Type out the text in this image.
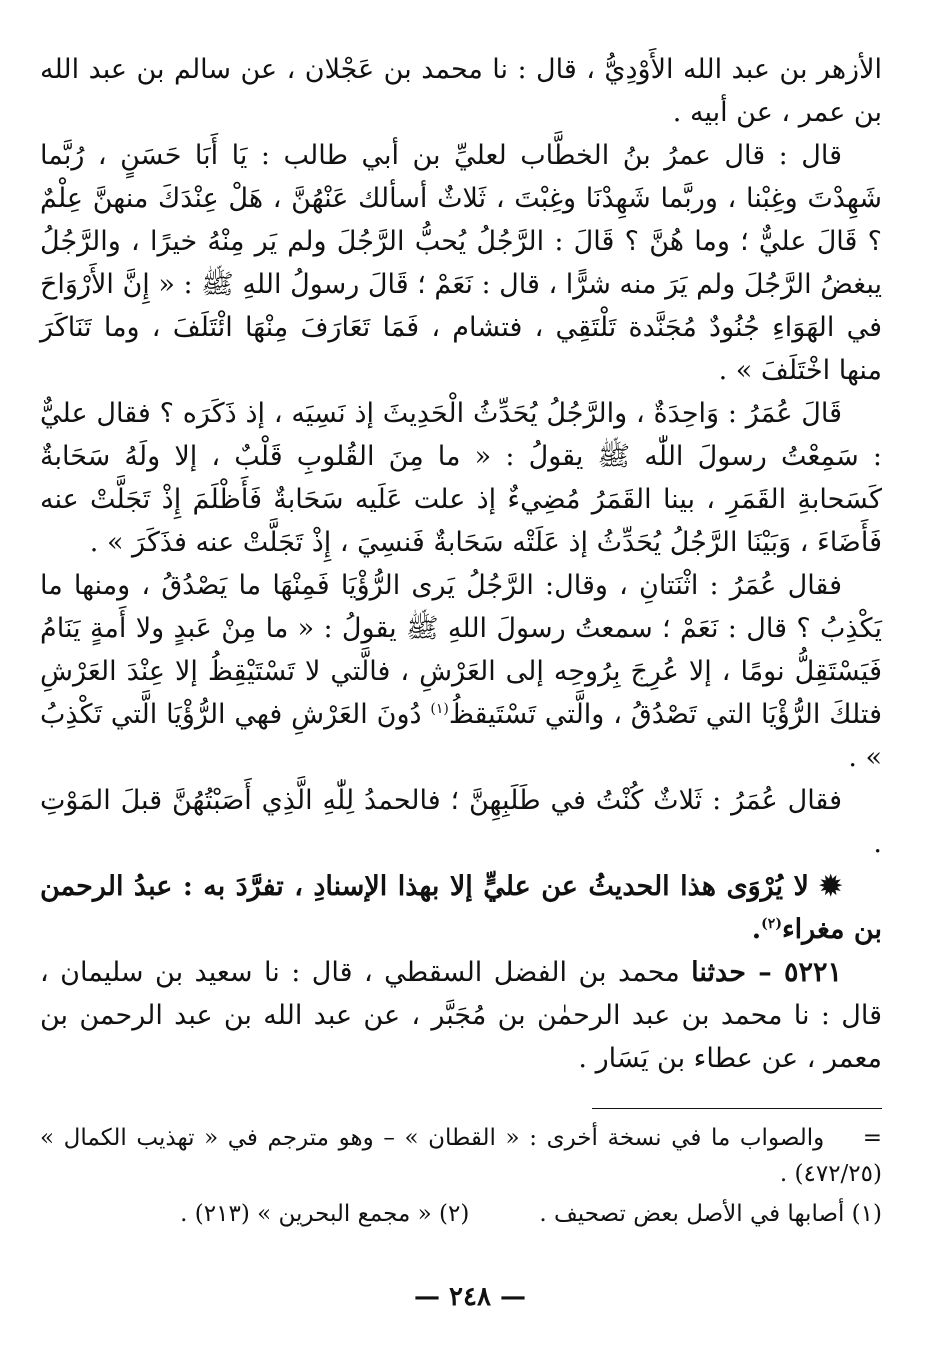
الأزهر بن عبد الله الأَوْدِيُّ ، قال : نا محمد بن عَجْلان ، عن سالم بن عبد الله بن عمر ، عن أبيه .

قال : قال عمرُ بنُ الخطَّاب لعليِّ بن أبي طالب : يَا أَبَا حَسَنٍ ، رُبَّما شَهِدْتَ وغِبْنا ، وربَّما شَهِدْنَا وغِبْتَ ، ثَلاثٌ أسألك عَنْهُنَّ ، هَلْ عِنْدَكَ منهنَّ عِلْمٌ ؟ قَالَ عليٌّ ؛ وما هُنَّ ؟ قَالَ : الرَّجُلُ يُحبُّ الرَّجُلَ ولم يَر مِنْهُ خيرًا ، والرَّجُلُ يبغضُ الرَّجُلَ ولم يَرَ منه شرًّا ، قال : نَعَمْ ؛ قَالَ رسولُ اللهِ ﷺ : « إِنَّ الأَرْوَاحَ في الهَوَاءِ جُنُودٌ مُجَنَّدة تَلْتَقِي ، فتشام ، فَمَا تَعَارَفَ مِنْهَا ائْتَلَفَ ، وما تَنَاكَرَ منها اخْتَلَفَ » .

قَالَ عُمَرُ : وَاحِدَةٌ ، والرَّجُلُ يُحَدِّثُ الْحَدِيثَ إذ نَسِيَه ، إذ ذَكَرَه ؟ فقال عليٌّ : سَمِعْتُ رسولَ اللّٰه ﷺ يقولُ : « ما مِنَ القُلوبِ قَلْبٌ ، إلا ولَهُ سَحَابةٌ كَسَحابةِ القَمَرِ ، بينا القَمَرُ مُضِيءٌ إذ علت عَلَيه سَحَابةٌ فَأَظْلَمَ إِذْ تَجَلَّتْ عنه فَأَضَاءَ ، وَبَيْنَا الرَّجُلُ يُحَدِّثُ إذ عَلَتْه سَحَابةٌ فَنسِيَ ، إِذْ تَجَلَّتْ عنه فذَكَرَ » .

فقال عُمَرُ : اثْنَتانِ ، وقال: الرَّجُلُ يَرى الرُّؤْيَا فَمِنْهَا ما يَصْدُقُ ، ومنها ما يَكْذِبُ ؟ قال : نَعَمْ ؛ سمعتُ رسولَ اللهِ ﷺ يقولُ : « ما مِنْ عَبدٍ ولا أَمةٍ يَنَامُ فَيَسْتَقِلُّ نومًا ، إلا عُرِجَ بِرُوحِه إلى العَرْشِ ، فالَّتي لا تَسْتَيْقِظُ إلا عِنْدَ العَرْشِ فتلكَ الرُّؤْيَا التي تَصْدُقُ ، والَّتي تَسْتَيقظُ$^{(١)}$ دُونَ العَرْشِ فهي الرُّؤْيَا الَّتي تَكْذِبُ » .

فقال عُمَرُ : ثَلاثٌ كُنْتُ في طَلَبِهِنَّ ؛ فالحمدُ لِلّٰهِ الَّذِي أَصَبْتُهُنَّ قبلَ المَوْتِ .

✹ لا يُرْوَى هذا الحديثُ عن عليٍّ إلا بهذا الإسنادِ ، تفرَّدَ به : عبدُ الرحمن بن مغراء$^{(٢)}$.

٥٢٢١ – حدثنا محمد بن الفضل السقطي ، قال : نا سعيد بن سليمان ، قال : نا محمد بن عبد الرحمٰن بن مُجَبَّر ، عن عبد الله بن عبد الرحمن بن معمر ، عن عطاء بن يَسَار .

=    والصواب ما في نسخة أخرى : « القطان » – وهو مترجم في « تهذيب الكمال » (٤٧٢/٢٥) .

(١) أصابها في الأصل بعض تصحيف .
(٢) « مجمع البحرين » (٢١٣) .
— ٢٤٨ —
